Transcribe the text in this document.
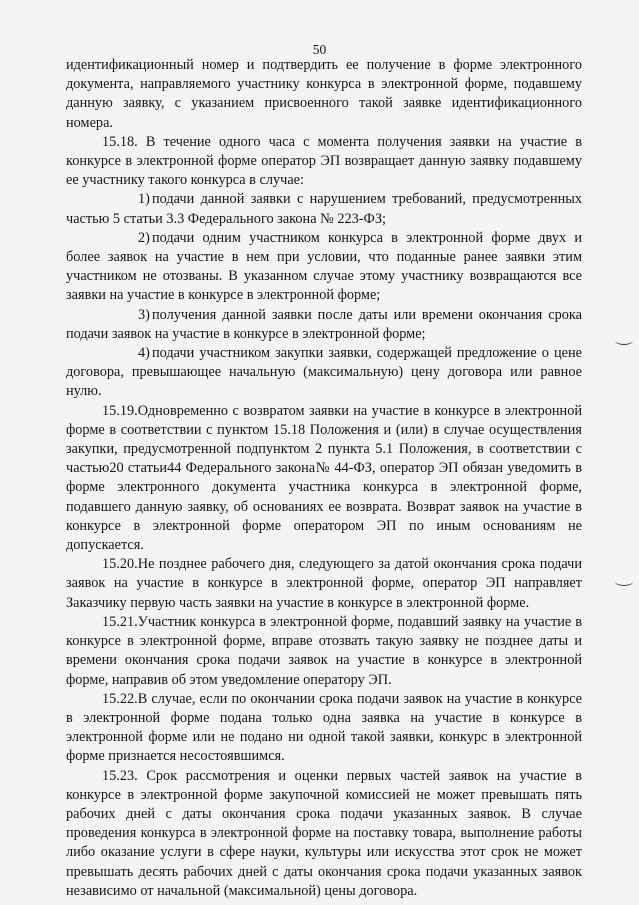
50

идентификационный номер и подтвердить ее получение в форме электронного документа, направляемого участнику конкурса в электронной форме, подавшему данную заявку, с указанием присвоенного такой заявке идентификационного номера.

15.18. В течение одного часа с момента получения заявки на участие в конкурсе в электронной форме оператор ЭП возвращает данную заявку подавшему ее участнику такого конкурса в случае:

1) подачи данной заявки с нарушением требований, предусмотренных частью 5 статьи 3.3 Федерального закона № 223-ФЗ;

2) подачи одним участником конкурса в электронной форме двух и более заявок на участие в нем при условии, что поданные ранее заявки этим участником не отозваны. В указанном случае этому участнику возвращаются все заявки на участие в конкурсе в электронной форме;

3) получения данной заявки после даты или времени окончания срока подачи заявок на участие в конкурсе в электронной форме;

4) подачи участником закупки заявки, содержащей предложение о цене договора, превышающее начальную (максимальную) цену договора или равное нулю.

15.19.Одновременно с возвратом заявки на участие в конкурсе в электронной форме в соответствии с пунктом 15.18 Положения и (или) в случае осуществления закупки, предусмотренной подпунктом 2 пункта 5.1 Положения, в соответствии с частью20 статьи44 Федерального закона№ 44-ФЗ, оператор ЭП обязан уведомить в форме электронного документа участника конкурса в электронной форме, подавшего данную заявку, об основаниях ее возврата. Возврат заявок на участие в конкурсе в электронной форме оператором ЭП по иным основаниям не допускается.

15.20.Не позднее рабочего дня, следующего за датой окончания срока подачи заявок на участие в конкурсе в электронной форме, оператор ЭП направляет Заказчику первую часть заявки на участие в конкурсе в электронной форме.

15.21.Участник конкурса в электронной форме, подавший заявку на участие в конкурсе в электронной форме, вправе отозвать такую заявку не позднее даты и времени окончания срока подачи заявок на участие в конкурсе в электронной форме, направив об этом уведомление оператору ЭП.

15.22.В случае, если по окончании срока подачи заявок на участие в конкурсе в электронной форме подана только одна заявка на участие в конкурсе в электронной форме или не подано ни одной такой заявки, конкурс в электронной форме признается несостоявшимся.

15.23. Срок рассмотрения и оценки первых частей заявок на участие в конкурсе в электронной форме закупочной комиссией не может превышать пять рабочих дней с даты окончания срока подачи указанных заявок. В случае проведения конкурса в электронной форме на поставку товара, выполнение работы либо оказание услуги в сфере науки, культуры или искусства этот срок не может превышать десять рабочих дней с даты окончания срока подачи указанных заявок независимо от начальной (максимальной) цены договора.
